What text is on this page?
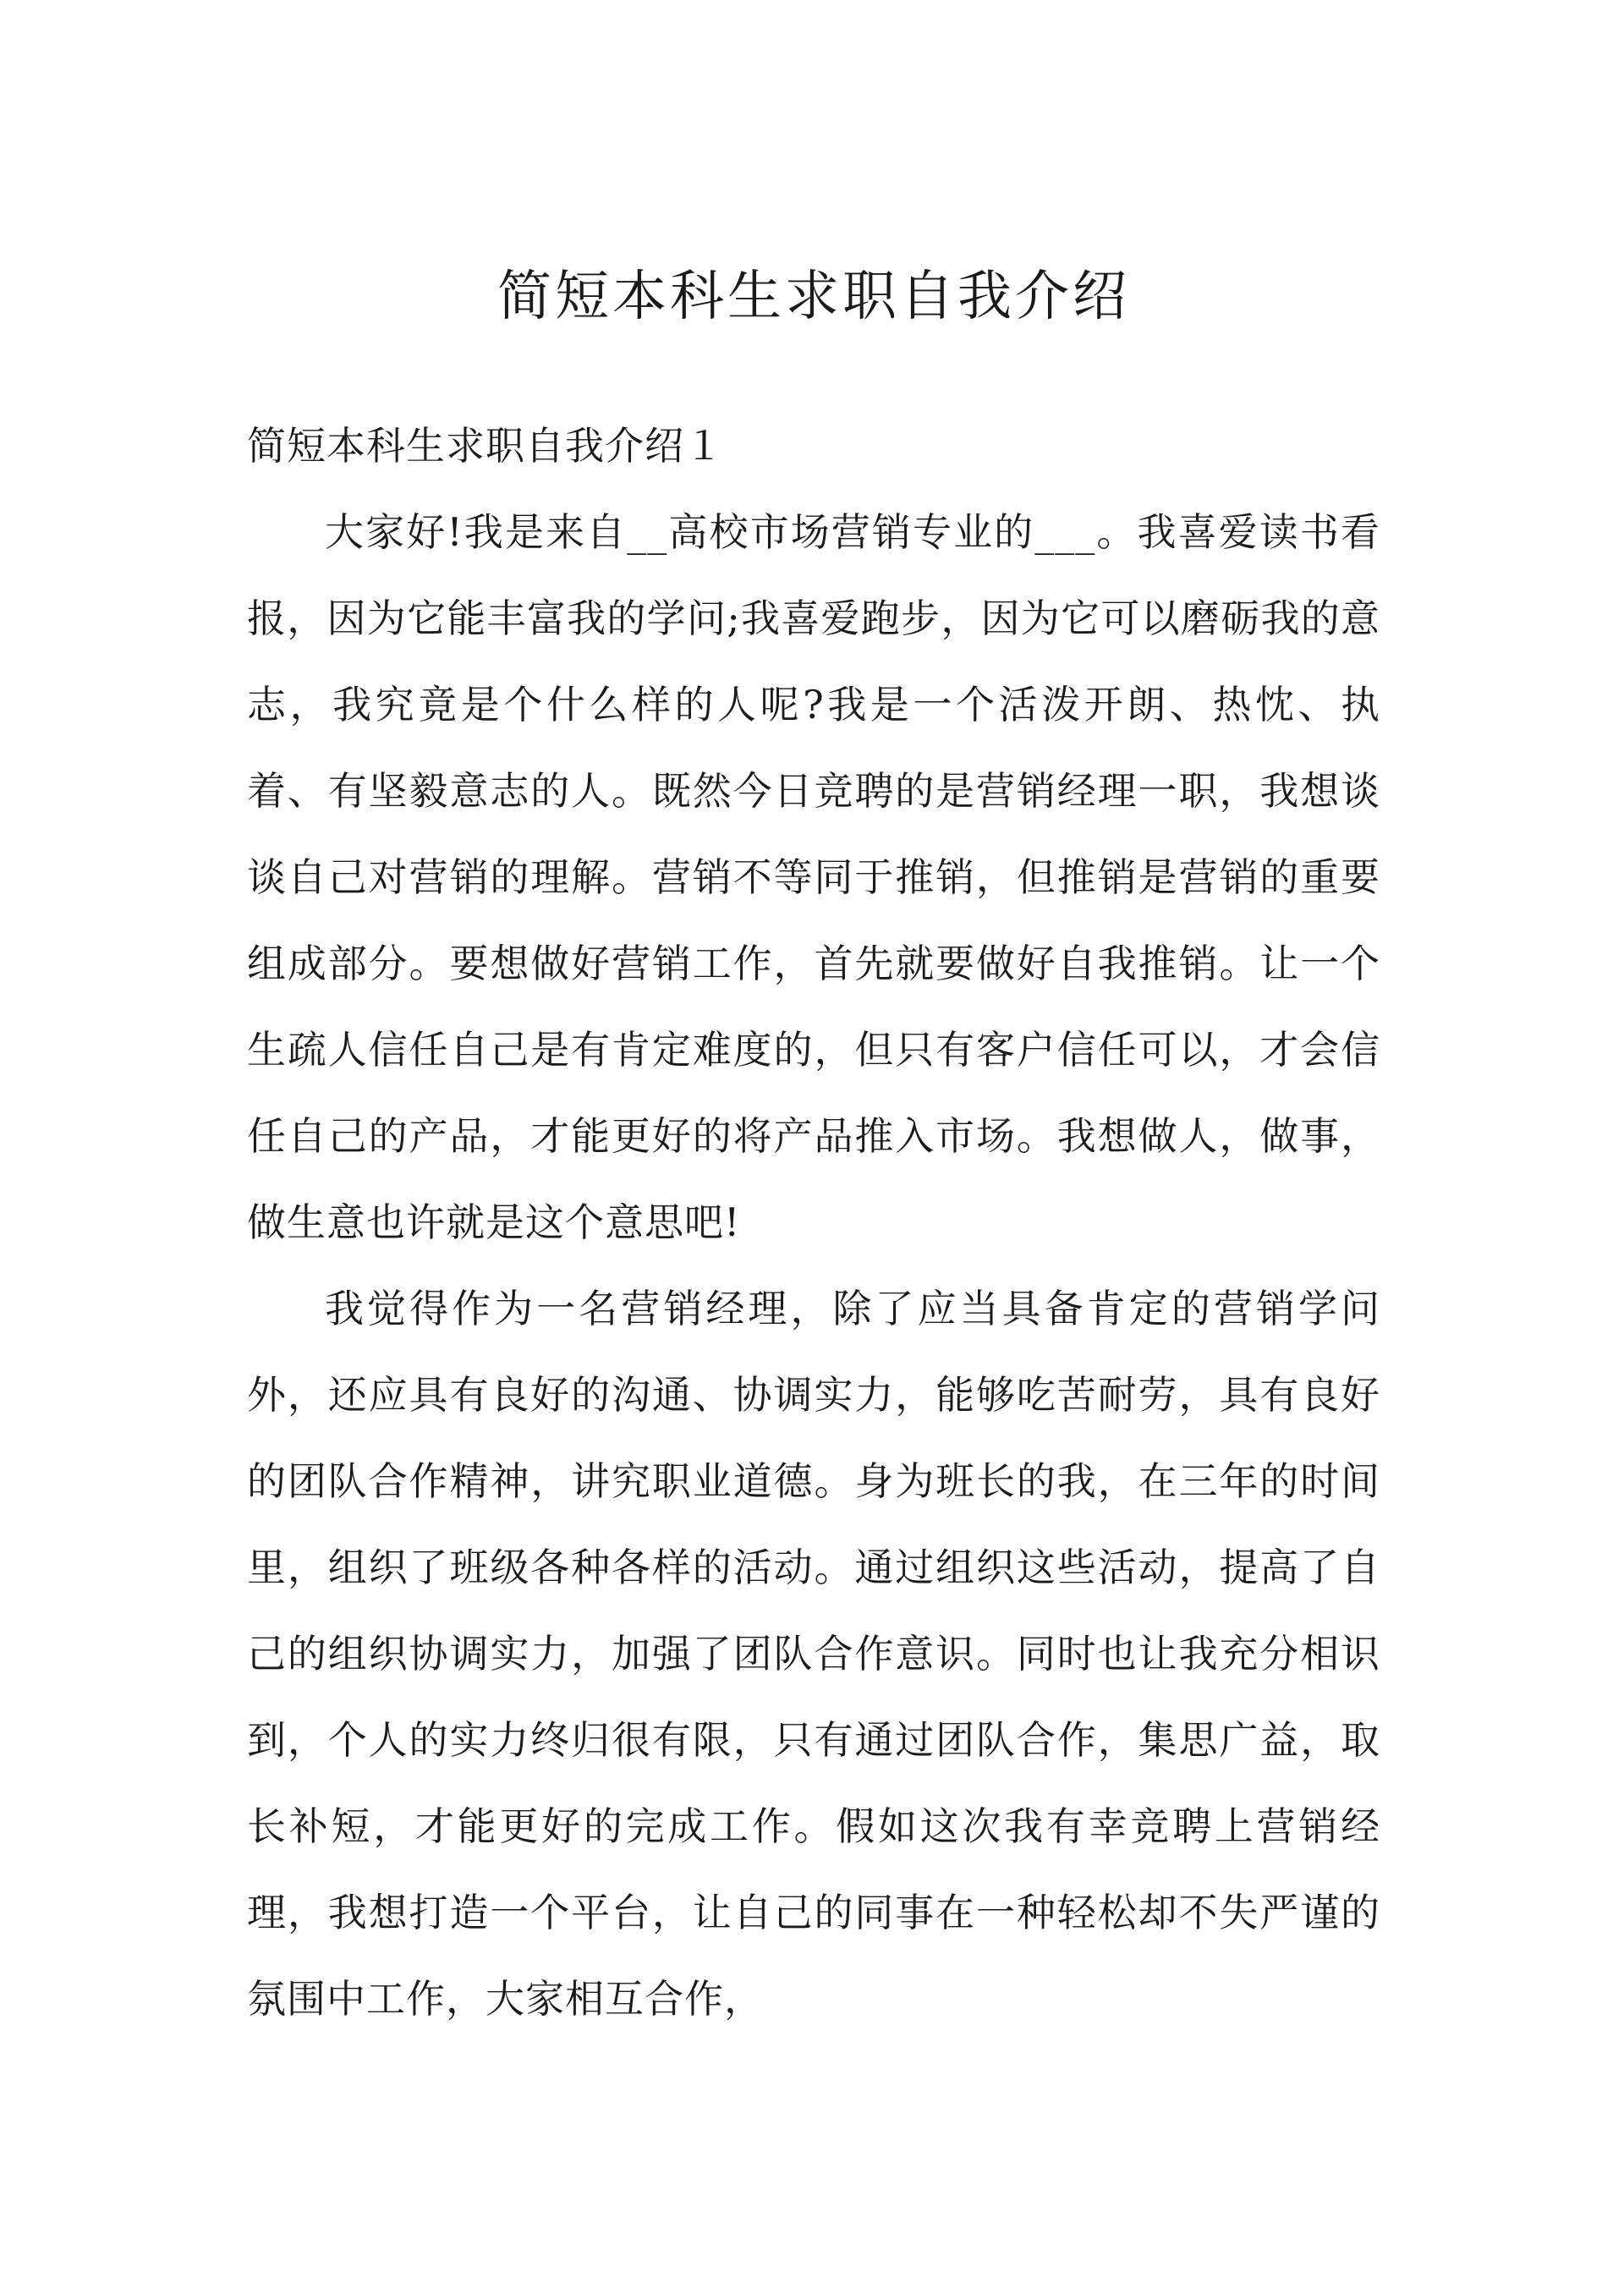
简短本科生求职自我介绍
简短本科生求职自我介绍１

大家好!我是来自__高校市场营销专业的___。我喜爱读书看报，因为它能丰富我的学问;我喜爱跑步，因为它可以磨砺我的意志，我究竟是个什么样的人呢?我是一个活泼开朗、热忱、执着、有坚毅意志的人。既然今日竞聘的是营销经理一职，我想谈谈自己对营销的理解。营销不等同于推销，但推销是营销的重要组成部分。要想做好营销工作，首先就要做好自我推销。让一个生疏人信任自己是有肯定难度的，但只有客户信任可以，才会信任自己的产品，才能更好的将产品推入市场。我想做人，做事，做生意也许就是这个意思吧!

我觉得作为一名营销经理，除了应当具备肯定的营销学问外，还应具有良好的沟通、协调实力，能够吃苦耐劳，具有良好的团队合作精神，讲究职业道德。身为班长的我，在三年的时间里，组织了班级各种各样的活动。通过组织这些活动，提高了自己的组织协调实力，加强了团队合作意识。同时也让我充分相识到，个人的实力终归很有限，只有通过团队合作，集思广益，取长补短，才能更好的完成工作。假如这次我有幸竞聘上营销经理，我想打造一个平台，让自己的同事在一种轻松却不失严谨的氛围中工作，大家相互合作，
